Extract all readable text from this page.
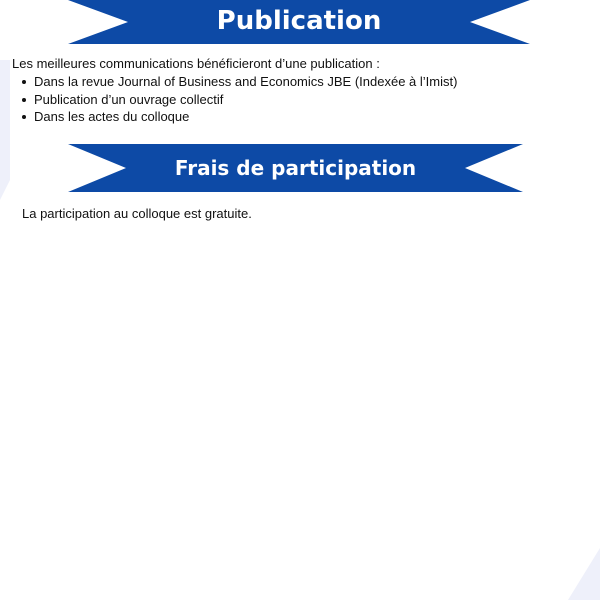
Publication

Les meilleures communications bénéficieront d’une publication :

Dans la revue Journal of Business and Economics JBE (Indexée à l’Imist)
Publication d’un ouvrage collectif
Dans les actes du colloque
Frais de participation

La participation au colloque est gratuite.
